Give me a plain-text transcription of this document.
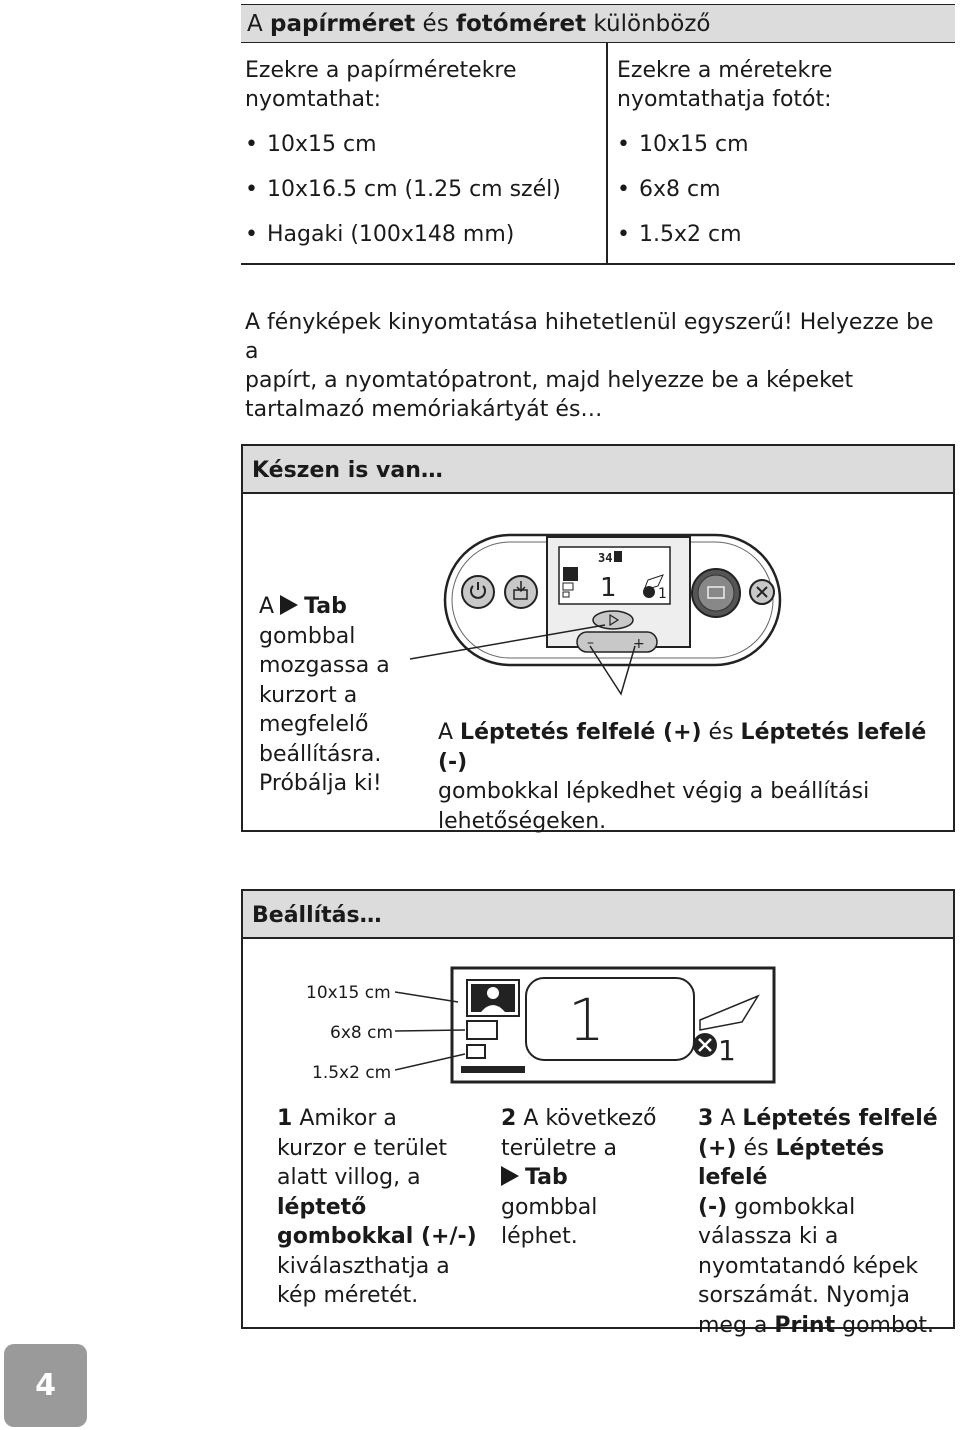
A papírméret és fotóméret különböző
Ezekre a papírméretekre
nyomtathat:
• 10x15 cm
• 10x16.5 cm (1.25 cm szél)
• Hagaki (100x148 mm)
Ezekre a méretekre
nyomtathatja fotót:
• 10x15 cm
• 6x8 cm
• 1.5x2 cm
A fényképek kinyomtatása hihetetlenül egyszerű! Helyezze be a
papírt, a nyomtatópatront, majd helyezze be a képeket
tartalmazó memóriakártyát és…
Készen is van…
A Tab
gombbal
mozgassa a
kurzort a
megfelelő
beállításra.
Próbálja ki!
A Léptetés felfelé (+) és Léptetés lefelé (-)
gombokkal lépkedhet végig a beállítási
lehetőségeken.
34
1	1
–	+
Beállítás…
10x15 cm
6x8 cm
1.5x2 cm
1	1
1 Amikor a
kurzor e terület
alatt villog, a
léptető
gombokkal (+/-)
kiválaszthatja a
kép méretét.
2 A következő
területre a
Tab
gombbal
léphet.
3 A Léptetés felfelé
(+) és Léptetés lefelé
(-) gombokkal
válassza ki a
nyomtatandó képek
sorszámát. Nyomja
meg a Print gombot.
4
